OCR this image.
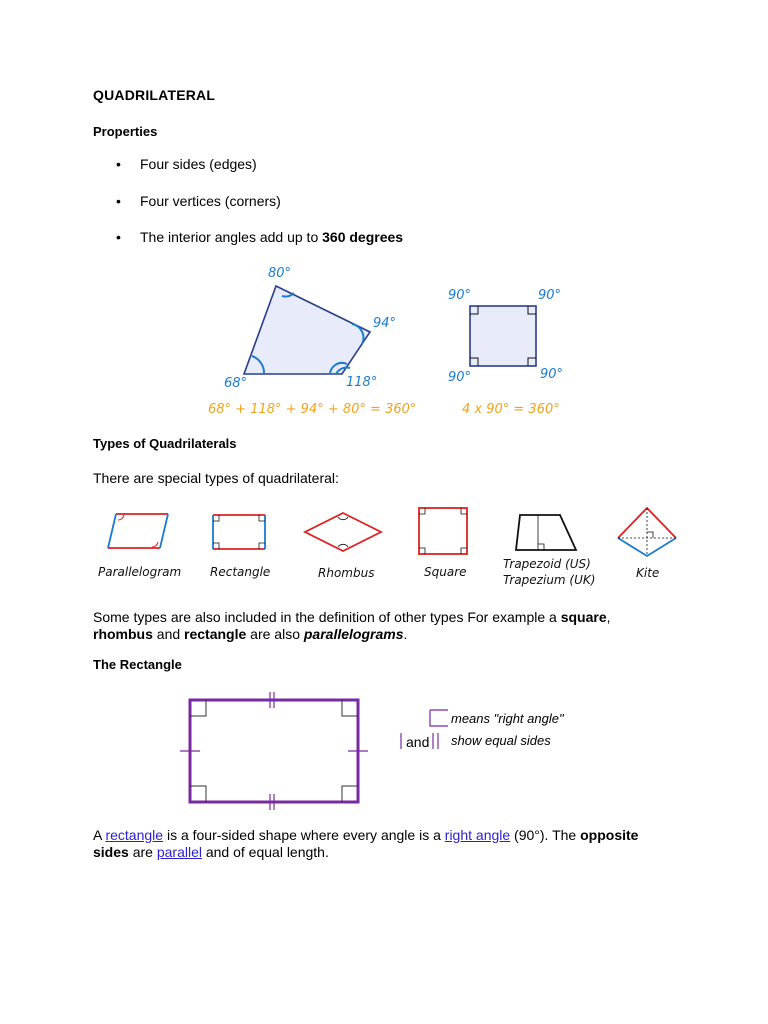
QUADRILATERAL
Properties
• Four sides (edges)
• Four vertices (corners)
• The interior angles add up to 360 degrees
80°
94°
68°	118°
68° + 118° + 94° + 80° = 360°
90°	90°
90°	90°
4 x 90° = 360°
Types of Quadrilaterals
There are special types of quadrilateral:
Parallelogram Rectangle	Rhombus	Square
Trapezoid (US)
Trapezium (UK)	Kite
Some types are also included in the definition of other types For example a square,
rhombus and rectangle are also parallelograms.
The Rectangle
means "right angle"
and show equal sides
A rectangle is a four-sided shape where every angle is a right angle (90°). The opposite
sides are parallel and of equal length.
